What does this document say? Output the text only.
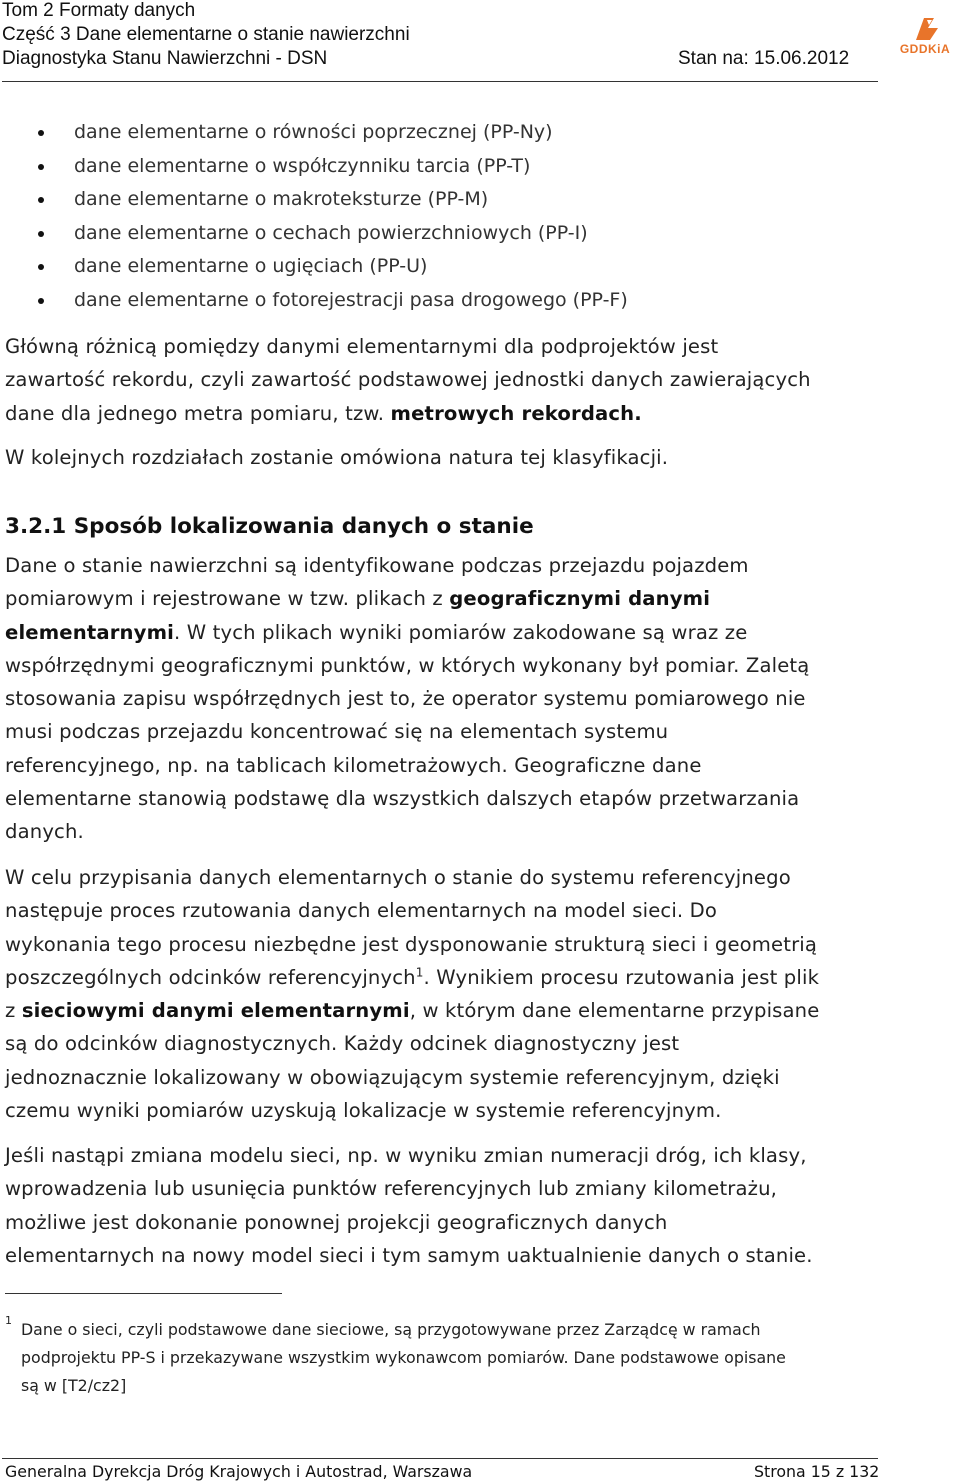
Tom 2 Formaty danych
Część 3 Dane elementarne o stanie nawierzchni
Diagnostyka Stanu Nawierzchni - DSN	Stan na: 15.06.2012	GDDKiA
dane elementarne o równości poprzecznej (PP-Ny)
dane elementarne o współczynniku tarcia (PP-T)
dane elementarne o makroteksturze (PP-M)
dane elementarne o cechach powierzchniowych (PP-I)
dane elementarne o ugięciach (PP-U)
dane elementarne o fotorejestracji pasa drogowego (PP-F)

Główną różnicą pomiędzy danymi elementarnymi dla podprojektów jest
zawartość rekordu, czyli zawartość podstawowej jednostki danych zawierających
dane dla jednego metra pomiaru, tzw. metrowych rekordach.

W kolejnych rozdziałach zostanie omówiona natura tej klasyfikacji.

3.2.1 Sposób lokalizowania danych o stanie

Dane o stanie nawierzchni są identyfikowane podczas przejazdu pojazdem
pomiarowym i rejestrowane w tzw. plikach z geograficznymi danymi
elementarnymi. W tych plikach wyniki pomiarów zakodowane są wraz ze
współrzędnymi geograficznymi punktów, w których wykonany był pomiar. Zaletą
stosowania zapisu współrzędnych jest to, że operator systemu pomiarowego nie
musi podczas przejazdu koncentrować się na elementach systemu
referencyjnego, np. na tablicach kilometrażowych. Geograficzne dane
elementarne stanowią podstawę dla wszystkich dalszych etapów przetwarzania
danych.

W celu przypisania danych elementarnych o stanie do systemu referencyjnego
następuje proces rzutowania danych elementarnych na model sieci. Do
wykonania tego procesu niezbędne jest dysponowanie strukturą sieci i geometrią
poszczególnych odcinków referencyjnych$^1$. Wynikiem procesu rzutowania jest plik
z sieciowymi danymi elementarnymi, w którym dane elementarne przypisane
są do odcinków diagnostycznych. Każdy odcinek diagnostyczny jest
jednoznacznie lokalizowany w obowiązującym systemie referencyjnym, dzięki
czemu wyniki pomiarów uzyskują lokalizacje w systemie referencyjnym.

Jeśli nastąpi zmiana modelu sieci, np. w wyniku zmian numeracji dróg, ich klasy,
wprowadzenia lub usunięcia punktów referencyjnych lub zmiany kilometrażu,
możliwe jest dokonanie ponownej projekcji geograficznych danych
elementarnych na nowy model sieci i tym samym uaktualnienie danych o stanie.

1 Dane o sieci, czyli podstawowe dane sieciowe, są przygotowywane przez Zarządcę w ramach
podprojektu PP-S i przekazywane wszystkim wykonawcom pomiarów. Dane podstawowe opisane
są w [T2/cz2]
Generalna Dyrekcja Dróg Krajowych i Autostrad, Warszawa	Strona 15 z 132
